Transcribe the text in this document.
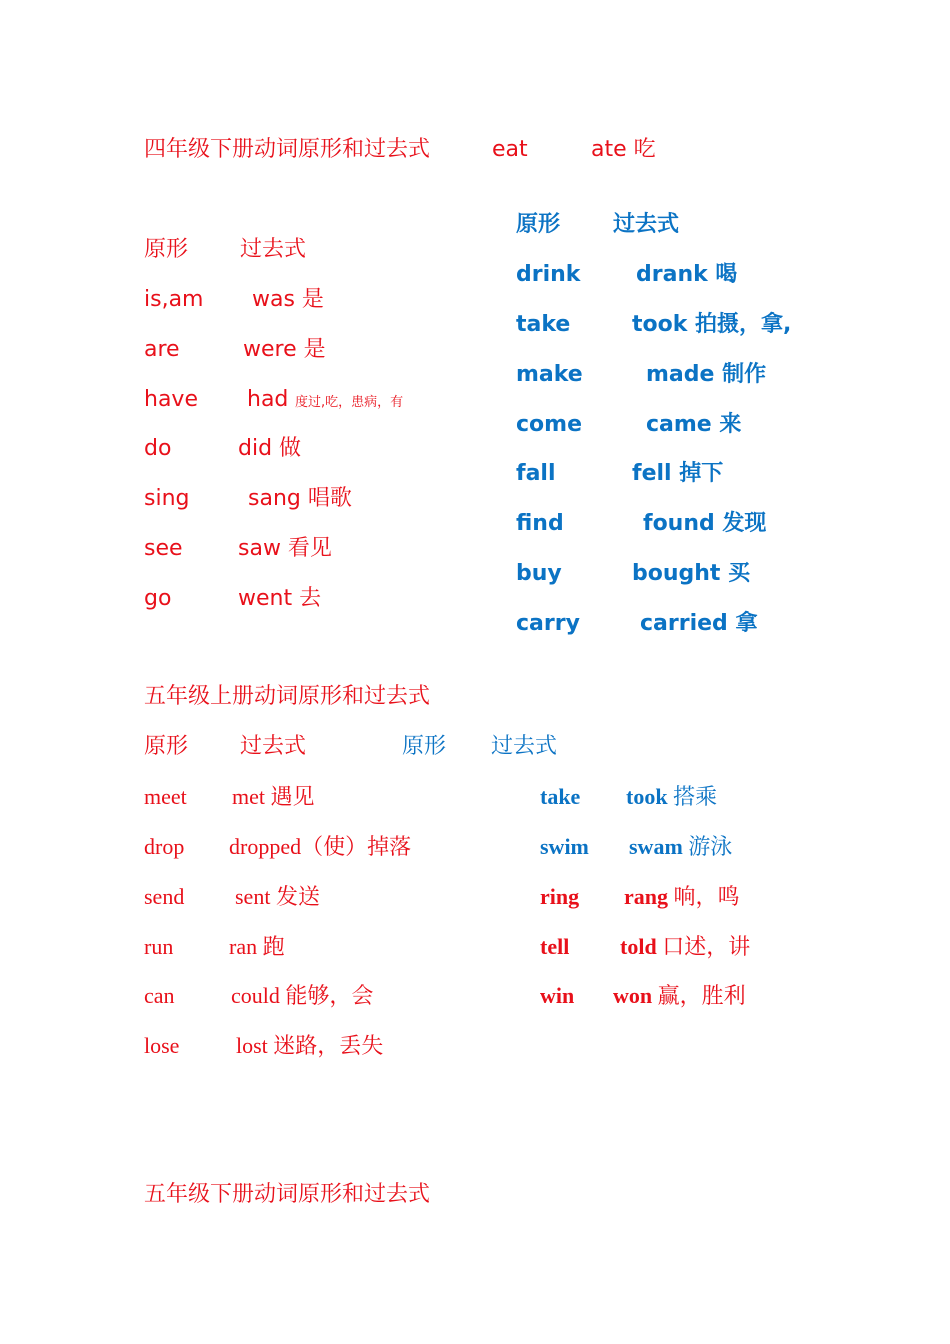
四年级下册动词原形和过去式	eat	ate 吃
原形 过去式
is,am was 是
are	were 是
have had 度过,吃，患病，有
do	did 做
sing	sang 唱歌
see	saw 看见
go	went 去
原形 过去式
drink	drank 喝
take	took 拍摄，拿,
make	made 制作
come	came 来
fall	fell 掉下
find	found 发现
buy	bought 买
carry	carried 拿
五年级上册动词原形和过去式
原形 过去式	原形 过去式
meet met 遇见
drop dropped（使）掉落
send sent 发送
run	ran 跑
can	could 能够，会
lose	lost 迷路，丢失
take took 搭乘
swim swam 游泳
ring rang 响，鸣
tell told 口述，讲
win won 赢，胜利
五年级下册动词原形和过去式
